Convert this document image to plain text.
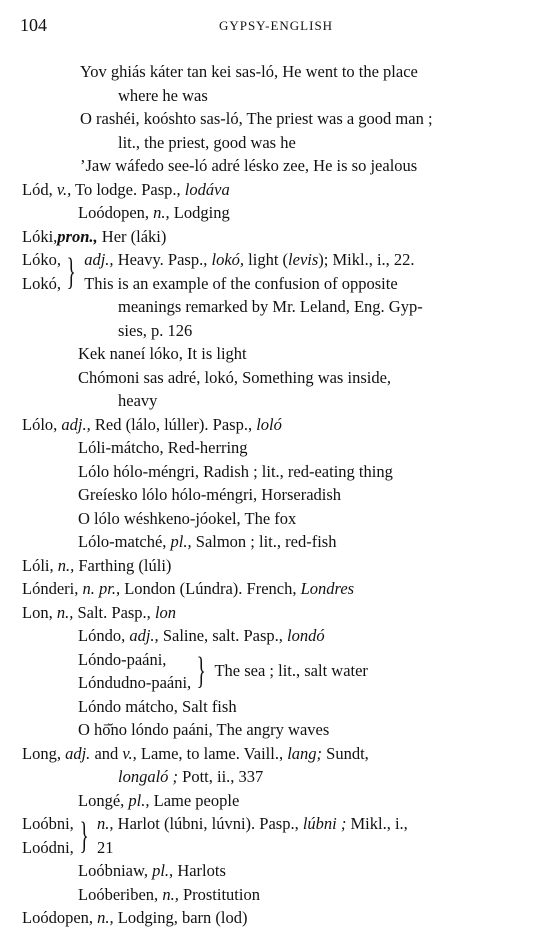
104	GYPSY-ENGLISH
Yov ghiás káter tan kei sas-ló, He went to the place
where he was
O rashéi, koóshto sas-ló, The priest was a good man ;
lit., the priest, good was he
’Jaw wáfedo see-ló adré lésko zee, He is so jealous
Lód, v., To lodge. Pasp., lodáva
Loódopen, n., Lodging
Lóki,pron., Her (láki)
Lóko,
Lokó, } adj., Heavy. Pasp., lokó, light (levis); Mikl., i., 22.
This is an example of the confusion of opposite
meanings remarked by Mr. Leland, Eng. Gyp-
sies, p. 126
Kek naneí lóko, It is light
Chómoni sas adré, lokó, Something was inside,
heavy
Lólo, adj., Red (lálo, lúller). Pasp., loló
Lóli-mátcho, Red-herring
Lólo hólo-méngri, Radish ; lit., red-eating thing
Greíesko lólo hólo-méngri, Horseradish
O lólo wéshkeno-jóokel, The fox
Lólo-matché, pl., Salmon ; lit., red-fish
Lóli, n., Farthing (lúli)
Lónderi, n. pr., London (Lúndra). French, Londres
Lon, n., Salt. Pasp., lon
Lóndo, adj., Saline, salt. Pasp., londó
Lóndo-paáni,
Lóndudno-paáni, } The sea ; lit., salt water
Lóndo mátcho, Salt fish
O hō̆no lóndo paáni, The angry waves
Long, adj. and v., Lame, to lame. Vaill., lang; Sundt,
longaló ; Pott, ii., 337
Longé, pl., Lame people
Loóbni,
Loódni, } n., Harlot (lúbni, lúvni). Pasp., lúbni ; Mikl., i.,
21
Loóbniaw, pl., Harlots
Loóberiben, n., Prostitution
Loódopen, n., Lodging, barn (lod)
